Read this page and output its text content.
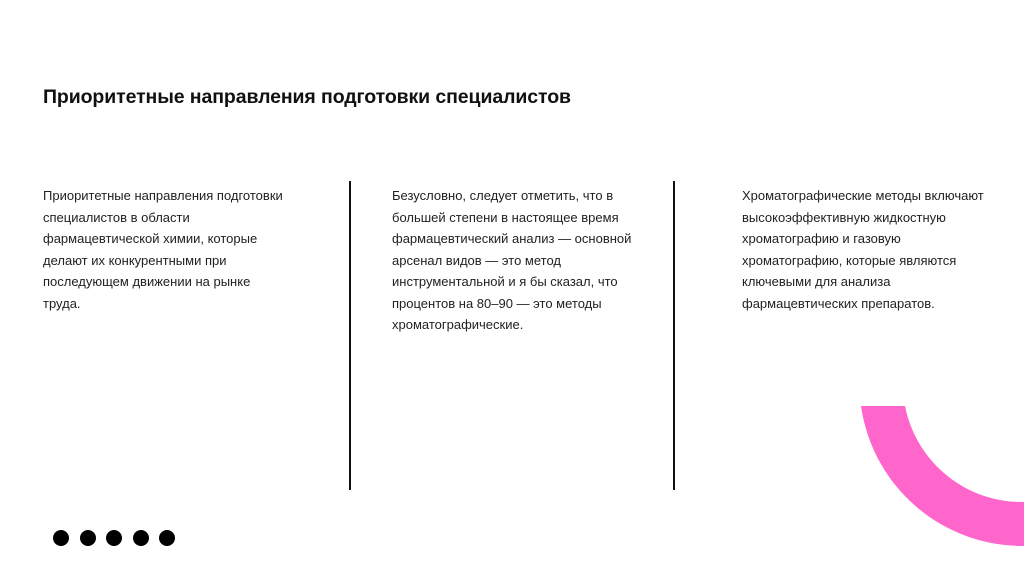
Приоритетные направления подготовки специалистов

Приоритетные направления подготовки
специалистов в области
фармацевтической химии, которые
делают их конкурентными при
последующем движении на рынке
труда.

Безусловно, следует отметить, что в
большей степени в настоящее время
фармацевтический анализ — основной
арсенал видов — это метод
инструментальной и я бы сказал, что
процентов на 80–90 — это методы
хроматографические.

Хроматографические методы включают
высокоэффективную жидкостную
хроматографию и газовую
хроматографию, которые являются
ключевыми для анализа
фармацевтических препаратов.
